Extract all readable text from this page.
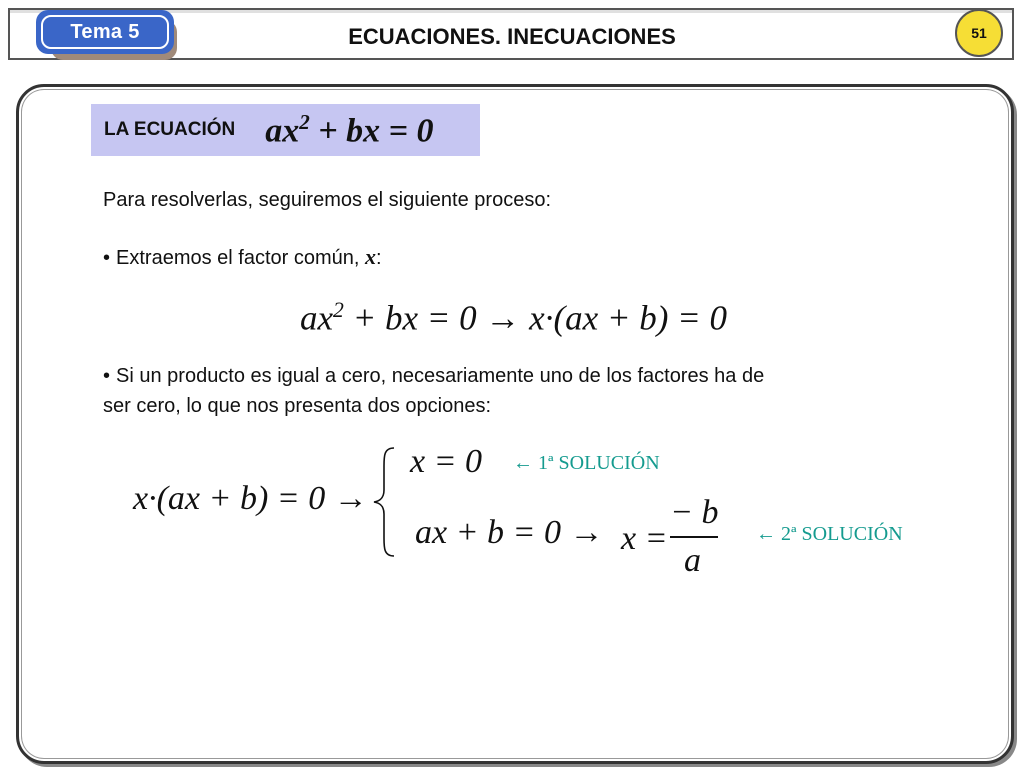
Tema 5	ECUACIONES. INECUACIONES	51
LA ECUACIÓN $ax^2$ + bx = 0
Para resolverlas, seguiremos el siguiente proceso:
• Extraemos el factor común, x:
$ax^2$ + bx = 0 → x·(ax + b) = 0
• Si un producto es igual a cero, necesariamente uno de los factores ha de
ser cero, lo que nos presenta dos opciones:
x·(ax + b) = 0 →
x = 0 ← 1ª SOLUCIÓN
ax + b = 0 → x =
− b
a
← 2ª SOLUCIÓN
